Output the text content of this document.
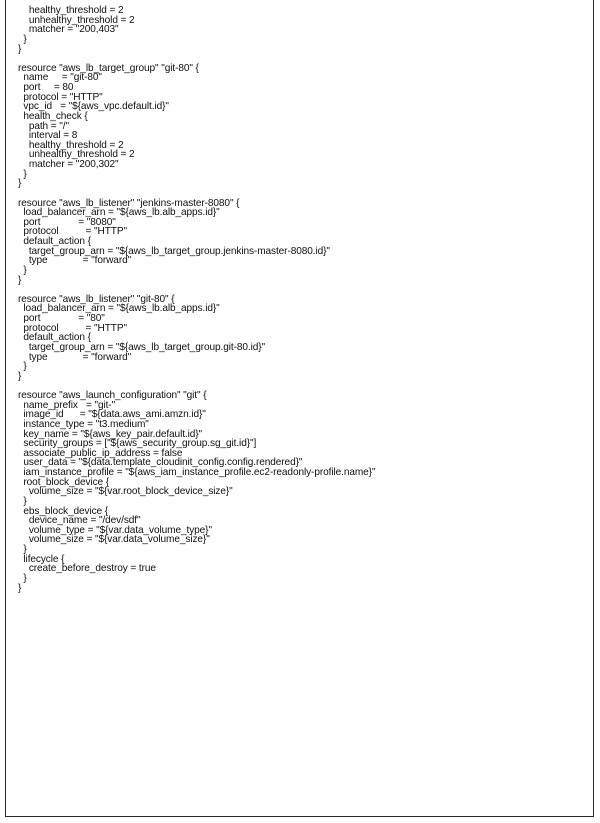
healthy_threshold = 2
unhealthy_threshold = 2
matcher = "200,403"
}
}

resource "aws_lb_target_group" "git-80" {
name     = "git-80"
port     = 80
protocol = "HTTP"
vpc_id   = "${aws_vpc.default.id}"
health_check {
path = "/"
interval = 8
healthy_threshold = 2
unhealthy_threshold = 2
matcher = "200,302"
}
}

resource "aws_lb_listener" "jenkins-master-8080" {
load_balancer_arn = "${aws_lb.alb_apps.id}"
port              = "8080"
protocol          = "HTTP"
default_action {
target_group_arn = "${aws_lb_target_group.jenkins-master-8080.id}"
type             = "forward"
}
}

resource "aws_lb_listener" "git-80" {
load_balancer_arn = "${aws_lb.alb_apps.id}"
port              = "80"
protocol          = "HTTP"
default_action {
target_group_arn = "${aws_lb_target_group.git-80.id}"
type             = "forward"
}
}

resource "aws_launch_configuration" "git" {
name_prefix   = "git-"
image_id      = "${data.aws_ami.amzn.id}"
instance_type = "t3.medium"
key_name = "${aws_key_pair.default.id}"
security_groups = ["${aws_security_group.sg_git.id}"]
associate_public_ip_address = false
user_data = "${data.template_cloudinit_config.config.rendered}"
iam_instance_profile = "${aws_iam_instance_profile.ec2-readonly-profile.name}"
root_block_device {
volume_size = "${var.root_block_device_size}"
}
ebs_block_device {
device_name = "/dev/sdf"
volume_type = "${var.data_volume_type}"
volume_size = "${var.data_volume_size}"
}
lifecycle {
create_before_destroy = true
}
}
